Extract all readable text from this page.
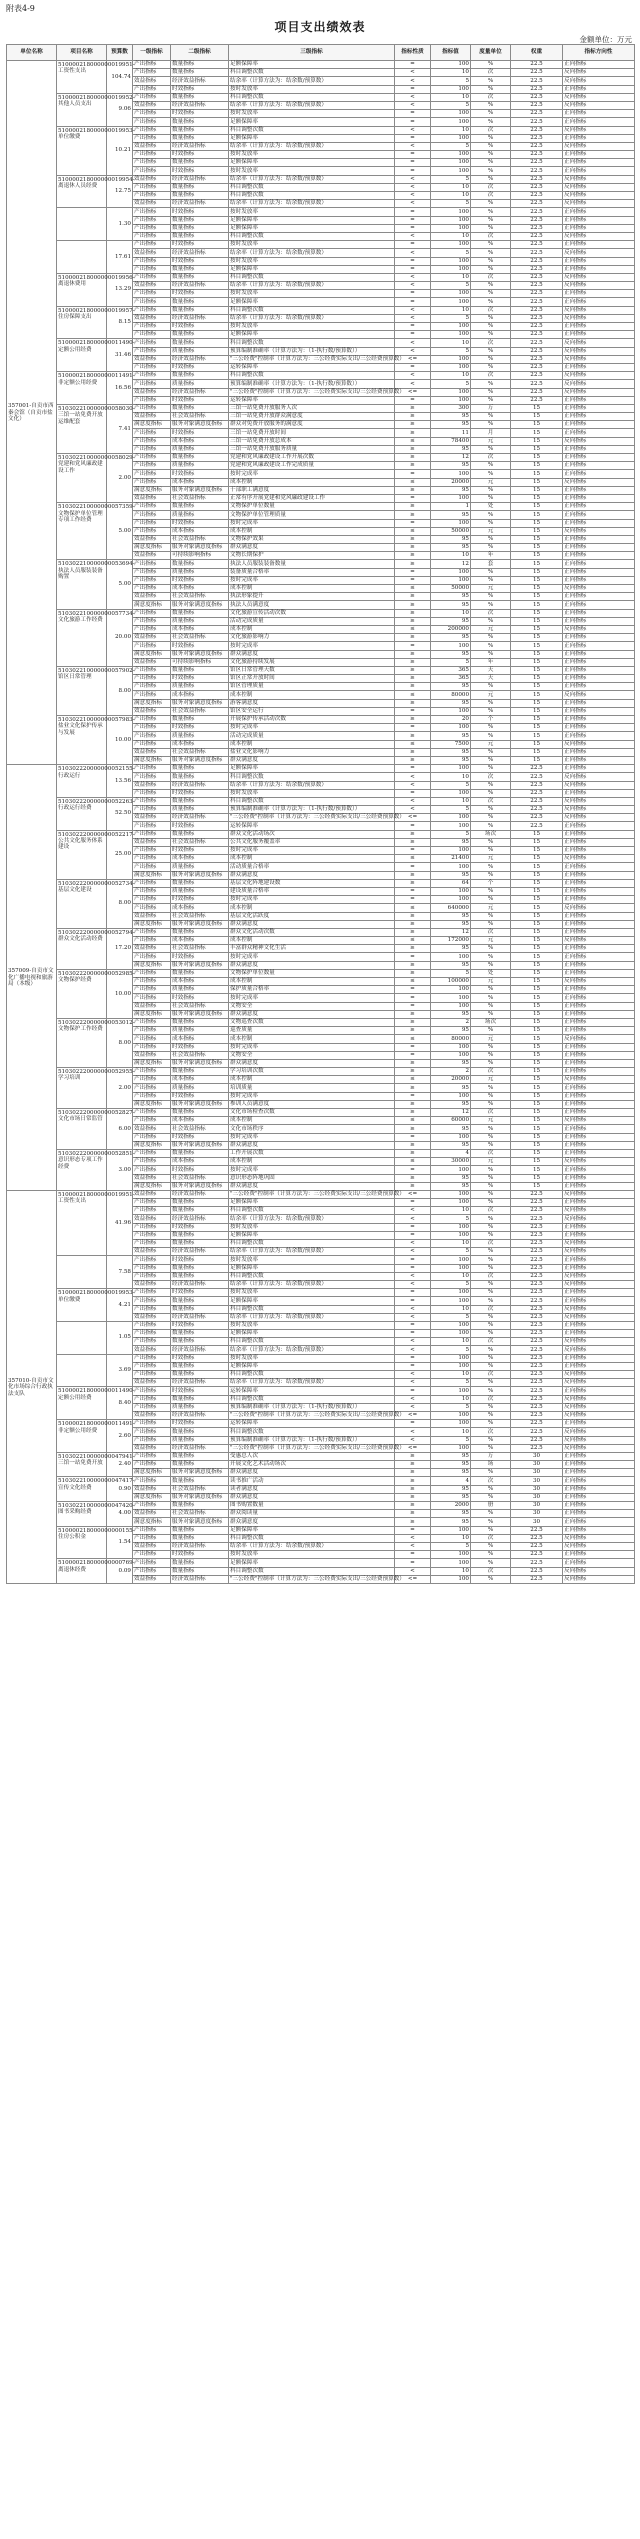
附表4-9
项目支出绩效表
金额单位：万元
单位名称	项目名称	预算数	一级指标	二级指标	三级指标	指标性质	指标值	度量单位	权重	指标方向性
357001-自贡市西秦会馆（自贡市盐文化）	510000218000000019951-工资性支出	104.74	产出指标	数量指标	足额保障率	=	100	%	22.5	正向指标
			产出指标	数量指标	科目调整次数	<	10	次	22.5	反向指标
			效益指标	经济效益指标	结余率（计算方法为：结余数/预算数）	<	5	%	22.5	反向指标
			产出指标	时效指标	按时发放率	=	100	%	22.5	正向指标
	510000218000000019952-其他人员支出	9.06	产出指标	数量指标	科目调整次数	<	10	次	22.5	反向指标
			效益指标	经济效益指标	结余率（计算方法为：结余数/预算数）	<	5	%	22.5	反向指标
			产出指标	时效指标	按时发放率	=	100	%	22.5	正向指标
			产出指标	数量指标	足额保障率	=	100	%	22.5	正向指标
	510000218000000019953-单位缴费	10.21	产出指标	数量指标	科目调整次数	<	10	次	22.5	反向指标
			产出指标	数量指标	足额保障率	=	100	%	22.5	正向指标
			效益指标	经济效益指标	结余率（计算方法为：结余数/预算数）	<	5	%	22.5	反向指标
			产出指标	时效指标	按时发放率	=	100	%	22.5	正向指标
			产出指标	数量指标	足额保障率	=	100	%	22.5	正向指标
			产出指标	时效指标	按时发放率	=	100	%	22.5	正向指标
	510000218000000019954-离退休人员经费	12.75	效益指标	经济效益指标	结余率（计算方法为：结余数/预算数）	<	5	%	22.5	反向指标
			产出指标	数量指标	科目调整次数	<	10	次	22.5	反向指标
			产出指标	数量指标	科目调整次数	<	10	次	22.5	反向指标
			效益指标	经济效益指标	结余率（计算方法为：结余数/预算数）	<	5	%	22.5	反向指标
		1.30	产出指标	时效指标	按时发放率	=	100	%	22.5	正向指标
			产出指标	数量指标	足额保障率	=	100	%	22.5	正向指标
			产出指标	数量指标	足额保障率	=	100	%	22.5	正向指标
			产出指标	数量指标	科目调整次数	<	10	次	22.5	反向指标
		17.61	产出指标	时效指标	按时发放率	=	100	%	22.5	正向指标
			效益指标	经济效益指标	结余率（计算方法为：结余数/预算数）	<	5	%	22.5	反向指标
			产出指标	时效指标	按时发放率	=	100	%	22.5	正向指标
			产出指标	数量指标	足额保障率	=	100	%	22.5	正向指标
	510000218000000019956-离退休费用	13.29	产出指标	数量指标	科目调整次数	<	10	次	22.5	反向指标
			效益指标	经济效益指标	结余率（计算方法为：结余数/预算数）	<	5	%	22.5	反向指标
			产出指标	时效指标	按时发放率	=	100	%	22.5	正向指标
			产出指标	数量指标	足额保障率	=	100	%	22.5	正向指标
	510000218000000019957-住房保障支出	8.15	产出指标	数量指标	科目调整次数	<	10	次	22.5	反向指标
			效益指标	经济效益指标	结余率（计算方法为：结余数/预算数）	<	5	%	22.5	反向指标
			产出指标	时效指标	按时发放率	=	100	%	22.5	正向指标
			产出指标	数量指标	足额保障率	=	100	%	22.5	正向指标
	510000218000000011490-定额公用经费	31.46	产出指标	数量指标	科目调整次数	<	10	次	22.5	反向指标
			产出指标	质量指标	预算编制准确率（计算方法为：（1-执行数/预算数））	<	5	%	22.5	反向指标
			效益指标	经济效益指标	"三公经费"控制率（计算方法为：三公经费实际支出/三公经费预算数）	<=	100	%	22.5	反向指标
			产出指标	时效指标	运转保障率	=	100	%	22.5	正向指标
	510000218000000011491-非定额公用经费	16.56	产出指标	数量指标	科目调整次数	<	10	次	22.5	反向指标
			产出指标	质量指标	预算编制准确率（计算方法为：（1-执行数/预算数））	<	5	%	22.5	反向指标
			效益指标	经济效益指标	"三公经费"控制率（计算方法为：三公经费实际支出/三公经费预算数）	<=	100	%	22.5	反向指标
			产出指标	时效指标	运转保障率	=	100	%	22.5	正向指标
	510302210000000058030-三馆一站免费开放运维配套	7.41	产出指标	数量指标	三馆一站免费开放服务人次	≥	300	万	15	正向指标
			效益指标	社会效益指标	三馆一站免费开放群众满意度	≥	95	%	15	正向指标
			满意度指标	服务对象满意度指标	群众对免费开放服务的满意度	≥	95	%	15	正向指标
			产出指标	时效指标	三馆一站免费开放时间	≥	11	月	15	正向指标
			产出指标	成本指标	三馆一站免费开放总成本	≤	78400	元	15	反向指标
			产出指标	质量指标	三馆一站免费开放服务质量	≥	95	%	15	正向指标
	510302210000000058029-党建和党风廉政建设工作	2.00	产出指标	数量指标	党建和党风廉政建设工作开展次数	≥	12	次	15	正向指标
			产出指标	质量指标	党建和党风廉政建设工作完成质量	≥	95	%	15	正向指标
			产出指标	时效指标	按时完成率	=	100	%	15	正向指标
			产出指标	成本指标	成本控制	≤	20000	元	15	反向指标
			满意度指标	服务对象满意度指标	干部职工满意度	≥	95	%	15	正向指标
			效益指标	社会效益指标	正常有序开展党建和党风廉政建设工作	=	100	%	15	正向指标
	510302210000000057359-文物保护单位管理专项工作经费	5.00	产出指标	数量指标	文物保护单位数量	≥	1	处	15	正向指标
			产出指标	质量指标	文物保护单位管理质量	≥	95	%	15	正向指标
			产出指标	时效指标	按时完成率	=	100	%	15	正向指标
			产出指标	成本指标	成本控制	≤	50000	元	15	反向指标
			效益指标	社会效益指标	文物保护效果	≥	95	%	15	正向指标
			满意度指标	服务对象满意度指标	群众满意度	≥	95	%	15	正向指标
			效益指标	可持续影响指标	文物长期保护	≥	10	年	15	正向指标
	510302210000000053694-执法人员服装装备购置	5.00	产出指标	数量指标	执法人员服装装备数量	≥	12	套	15	正向指标
			产出指标	质量指标	装备质量合格率	=	100	%	15	正向指标
			产出指标	时效指标	按时完成率	=	100	%	15	正向指标
			产出指标	成本指标	成本控制	≤	50000	元	15	反向指标
			效益指标	社会效益指标	执法形象提升	≥	95	%	15	正向指标
			满意度指标	服务对象满意度指标	执法人员满意度	≥	95	%	15	正向指标
	510302210000000057734-文化旅游工作经费	20.00	产出指标	数量指标	文化旅游宣传活动次数	≥	10	次	15	正向指标
			产出指标	质量指标	活动完成质量	≥	95	%	15	正向指标
			产出指标	成本指标	成本控制	≤	200000	元	15	反向指标
			效益指标	社会效益指标	文化旅游影响力	≥	95	%	15	正向指标
			产出指标	时效指标	按时完成率	=	100	%	15	正向指标
			满意度指标	服务对象满意度指标	群众满意度	≥	95	%	15	正向指标
			效益指标	可持续影响指标	文化旅游持续发展	≥	5	年	15	正向指标
	510302210000000057902-馆区日常管理	8.00	产出指标	数量指标	馆区日常管理天数	≥	365	天	15	正向指标
			产出指标	时效指标	馆区正常开放时间	≥	365	天	15	正向指标
			产出指标	质量指标	馆区管理质量	≥	95	%	15	正向指标
			产出指标	成本指标	成本控制	≤	80000	元	15	反向指标
			满意度指标	服务对象满意度指标	游客满意度	≥	95	%	15	正向指标
			效益指标	社会效益指标	馆区安全运行	=	100	%	15	正向指标
	510302210000000057983-盐业文化保护传承与发展	10.00	产出指标	数量指标	开展保护传承活动次数	≥	20	个	15	正向指标
			产出指标	时效指标	按时完成率	=	100	%	15	正向指标
			产出指标	质量指标	活动完成质量	≥	95	%	15	正向指标
			产出指标	成本指标	成本控制	≤	7500	元	15	反向指标
			效益指标	社会效益指标	盐业文化影响力	≥	95	%	15	正向指标
			满意度指标	服务对象满意度指标	群众满意度	≥	95	%	15	正向指标
357009-自贡市文化广播电视和旅游局（本级）	510302220000000052155-行政运行	13.56	产出指标	数量指标	足额保障率	=	100	%	22.5	正向指标
			产出指标	数量指标	科目调整次数	<	10	次	22.5	反向指标
			效益指标	经济效益指标	结余率（计算方法为：结余数/预算数）	<	5	%	22.5	反向指标
			产出指标	时效指标	按时发放率	=	100	%	22.5	正向指标
	510302220000000052263-行政运行经费	52.50	产出指标	数量指标	科目调整次数	<	10	次	22.5	反向指标
			产出指标	质量指标	预算编制准确率（计算方法为：（1-执行数/预算数））	<	5	%	22.5	反向指标
			效益指标	经济效益指标	"三公经费"控制率（计算方法为：三公经费实际支出/三公经费预算数）	<=	100	%	22.5	反向指标
			产出指标	时效指标	运转保障率	=	100	%	22.5	正向指标
	510302220000000052217-公共文化服务体系建设	25.00	产出指标	数量指标	群众文化活动场次	≥	5	场次	15	正向指标
			效益指标	社会效益指标	公共文化服务覆盖率	≥	95	%	15	正向指标
			产出指标	时效指标	按时完成率	=	100	%	15	正向指标
			产出指标	成本指标	成本控制	≤	21400	元	15	反向指标
			产出指标	质量指标	活动质量合格率	=	100	%	15	正向指标
			满意度指标	服务对象满意度指标	群众满意度	≥	95	%	15	正向指标
	510302220000000052734-基层文化建设	8.00	产出指标	数量指标	基层文化阵地建设数	≥	64	个	15	正向指标
			产出指标	质量指标	建设质量合格率	=	100	%	15	正向指标
			产出指标	时效指标	按时完成率	=	100	%	15	正向指标
			产出指标	成本指标	成本控制	≤	640000	元	15	反向指标
			效益指标	社会效益指标	基层文化活跃度	≥	95	%	15	正向指标
			满意度指标	服务对象满意度指标	群众满意度	≥	95	%	15	正向指标
	510302220000000052794-群众文化活动经费	17.20	产出指标	数量指标	群众文化活动次数	≥	12	次	15	正向指标
			产出指标	成本指标	成本控制	≤	172000	元	15	反向指标
			效益指标	社会效益指标	丰富群众精神文化生活	≥	95	%	15	正向指标
			产出指标	时效指标	按时完成率	=	100	%	15	正向指标
			满意度指标	服务对象满意度指标	群众满意度	≥	95	%	15	正向指标
	510302220000000052985-文物保护经费	10.00	产出指标	数量指标	文物保护单位数量	≥	5	处	15	正向指标
			产出指标	成本指标	成本控制	≤	100000	元	15	反向指标
			产出指标	质量指标	保护质量合格率	=	100	%	15	正向指标
			产出指标	时效指标	按时完成率	=	100	%	15	正向指标
			效益指标	社会效益指标	文物安全	=	100	%	15	正向指标
			满意度指标	服务对象满意度指标	群众满意度	≥	95	%	15	正向指标
	510302220000000053012-文物保护工作经费	8.00	产出指标	数量指标	文物巡查次数	≥	2	场次	15	正向指标
			产出指标	质量指标	巡查质量	≥	95	%	15	正向指标
			产出指标	成本指标	成本控制	≤	80000	元	15	反向指标
			产出指标	时效指标	按时完成率	=	100	%	15	正向指标
			效益指标	社会效益指标	文物安全	=	100	%	15	正向指标
			满意度指标	服务对象满意度指标	群众满意度	≥	95	%	15	正向指标
	510302220000000052955-学习培训	2.00	产出指标	数量指标	学习培训次数	≥	2	次	15	正向指标
			产出指标	成本指标	成本控制	≤	20000	元	15	反向指标
			产出指标	质量指标	培训质量	≥	95	%	15	正向指标
			产出指标	时效指标	按时完成率	=	100	%	15	正向指标
			满意度指标	服务对象满意度指标	参训人员满意度	≥	95	%	15	正向指标
	510302220000000052827-文化市场日常监管	6.00	产出指标	数量指标	文化市场检查次数	≥	12	次	15	正向指标
			产出指标	成本指标	成本控制	≤	60000	元	15	反向指标
			效益指标	社会效益指标	文化市场秩序	≥	95	%	15	正向指标
			产出指标	时效指标	按时完成率	=	100	%	15	正向指标
			满意度指标	服务对象满意度指标	群众满意度	≥	95	%	15	正向指标
	510302220000000052851-意识形态专项工作经费	3.00	产出指标	数量指标	工作开展次数	≥	4	次	15	正向指标
			产出指标	成本指标	成本控制	≤	30000	元	15	反向指标
			产出指标	时效指标	按时完成率	=	100	%	15	正向指标
			效益指标	社会效益指标	意识形态阵地巩固	≥	95	%	15	正向指标
			满意度指标	服务对象满意度指标	群众满意度	≥	95	%	15	正向指标
357010-自贡市文化市场综合行政执法支队	510000218000000019951-工资性支出	41.96	效益指标	经济效益指标	"三公经费"控制率（计算方法为：三公经费实际支出/三公经费预算数）	<=	100	%	22.5	反向指标
			产出指标	数量指标	足额保障率	=	100	%	22.5	正向指标
			产出指标	数量指标	科目调整次数	<	10	次	22.5	反向指标
			效益指标	经济效益指标	结余率（计算方法为：结余数/预算数）	<	5	%	22.5	反向指标
			产出指标	时效指标	按时发放率	=	100	%	22.5	正向指标
			产出指标	数量指标	足额保障率	=	100	%	22.5	正向指标
			产出指标	数量指标	科目调整次数	<	10	次	22.5	反向指标
			效益指标	经济效益指标	结余率（计算方法为：结余数/预算数）	<	5	%	22.5	反向指标
		7.58	产出指标	时效指标	按时发放率	=	100	%	22.5	正向指标
			产出指标	数量指标	足额保障率	=	100	%	22.5	正向指标
			产出指标	数量指标	科目调整次数	<	10	次	22.5	反向指标
			效益指标	经济效益指标	结余率（计算方法为：结余数/预算数）	<	5	%	22.5	反向指标
	510000218000000019953-单位缴费	4.21	产出指标	时效指标	按时发放率	=	100	%	22.5	正向指标
			产出指标	数量指标	足额保障率	=	100	%	22.5	正向指标
			产出指标	数量指标	科目调整次数	<	10	次	22.5	反向指标
			效益指标	经济效益指标	结余率（计算方法为：结余数/预算数）	<	5	%	22.5	反向指标
		1.05	产出指标	时效指标	按时发放率	=	100	%	22.5	正向指标
			产出指标	数量指标	足额保障率	=	100	%	22.5	正向指标
			产出指标	数量指标	科目调整次数	<	10	次	22.5	反向指标
			效益指标	经济效益指标	结余率（计算方法为：结余数/预算数）	<	5	%	22.5	反向指标
		3.69	产出指标	时效指标	按时发放率	=	100	%	22.5	正向指标
			产出指标	数量指标	足额保障率	=	100	%	22.5	正向指标
			产出指标	数量指标	科目调整次数	<	10	次	22.5	反向指标
			效益指标	经济效益指标	结余率（计算方法为：结余数/预算数）	<	5	%	22.5	反向指标
	510000218000000011490-定额公用经费	8.40	产出指标	时效指标	运转保障率	=	100	%	22.5	正向指标
			产出指标	数量指标	科目调整次数	<	10	次	22.5	反向指标
			产出指标	质量指标	预算编制准确率（计算方法为：（1-执行数/预算数））	<	5	%	22.5	反向指标
			效益指标	经济效益指标	"三公经费"控制率（计算方法为：三公经费实际支出/三公经费预算数）	<=	100	%	22.5	反向指标
	510000218000000011491-非定额公用经费	2.60	产出指标	时效指标	运转保障率	=	100	%	22.5	正向指标
			产出指标	数量指标	科目调整次数	<	10	次	22.5	反向指标
			产出指标	质量指标	预算编制准确率（计算方法为：（1-执行数/预算数））	<	5	%	22.5	反向指标
			效益指标	经济效益指标	"三公经费"控制率（计算方法为：三公经费实际支出/三公经费预算数）	<=	100	%	22.5	反向指标
	510302210000000047941-三馆一站免费开放	2.40	产出指标	数量指标	受惠总人次	≥	95	万	30	正向指标
			产出指标	数量指标	开展文化艺术活动场次	≥	95	场	30	正向指标
			满意度指标	服务对象满意度指标	群众满意度	≥	95	%	30	正向指标
	510302210000000047417-宣传文化经费	0.90	产出指标	数量指标	读书推广活动	≥	4	次	30	正向指标
			效益指标	社会效益指标	读者满意度	≥	95	%	30	正向指标
			满意度指标	服务对象满意度指标	群众满意度	≥	95	%	30	正向指标
	510302210000000047420-图书采购经费	4.00	产出指标	数量指标	图书购置数量	≥	2000	册	30	正向指标
			效益指标	社会效益指标	群众阅读量	≥	95	%	30	正向指标
			满意度指标	服务对象满意度指标	群众满意度	≥	95	%	30	正向指标
	510000218000000000155-住房公积金	1.54	产出指标	数量指标	足额保障率	=	100	%	22.5	正向指标
			产出指标	数量指标	科目调整次数	<	10	次	22.5	反向指标
			效益指标	经济效益指标	结余率（计算方法为：结余数/预算数）	<	5	%	22.5	反向指标
			产出指标	时效指标	按时发放率	=	100	%	22.5	正向指标
	510000218000000000769-离退休经费	0.09	产出指标	数量指标	足额保障率	=	100	%	22.5	正向指标
			产出指标	数量指标	科目调整次数	<	10	次	22.5	反向指标
			效益指标	经济效益指标	"三公经费"控制率（计算方法为：三公经费实际支出/三公经费预算数）	<=	100	%	22.5	反向指标
